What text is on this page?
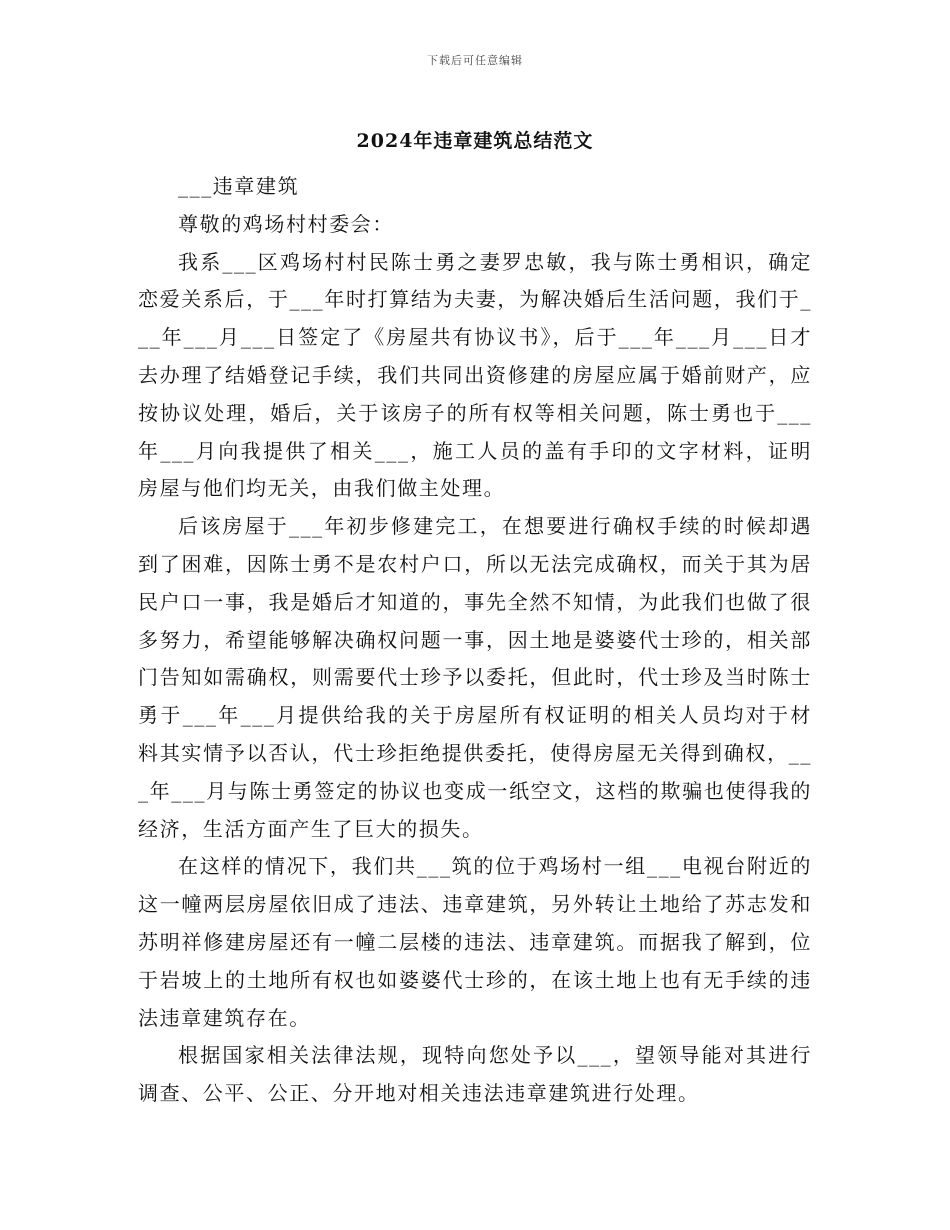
下载后可任意编辑
2024年违章建筑总结范文

___违章建筑

尊敬的鸡场村村委会：

我系___区鸡场村村民陈士勇之妻罗忠敏，我与陈士勇相识，确定恋爱关系后，于___年时打算结为夫妻，为解决婚后生活问题，我们于___年___月___日签定了《房屋共有协议书》，后于___年___月___日才去办理了结婚登记手续，我们共同出资修建的房屋应属于婚前财产，应按协议处理，婚后，关于该房子的所有权等相关问题，陈士勇也于___年___月向我提供了相关___，施工人员的盖有手印的文字材料，证明房屋与他们均无关，由我们做主处理。

后该房屋于___年初步修建完工，在想要进行确权手续的时候却遇到了困难，因陈士勇不是农村户口，所以无法完成确权，而关于其为居民户口一事，我是婚后才知道的，事先全然不知情，为此我们也做了很多努力，希望能够解决确权问题一事，因土地是婆婆代士珍的，相关部门告知如需确权，则需要代士珍予以委托，但此时，代士珍及当时陈士勇于___年___月提供给我的关于房屋所有权证明的相关人员均对于材料其实情予以否认，代士珍拒绝提供委托，使得房屋无关得到确权，___年___月与陈士勇签定的协议也变成一纸空文，这档的欺骗也使得我的经济，生活方面产生了巨大的损失。

在这样的情况下，我们共___筑的位于鸡场村一组___电视台附近的这一幢两层房屋依旧成了违法、违章建筑，另外转让土地给了苏志发和苏明祥修建房屋还有一幢二层楼的违法、违章建筑。而据我了解到，位于岩坡上的土地所有权也如婆婆代士珍的，在该土地上也有无手续的违法违章建筑存在。

根据国家相关法律法规，现特向您处予以___，望领导能对其进行调查、公平、公正、分开地对相关违法违章建筑进行处理。
